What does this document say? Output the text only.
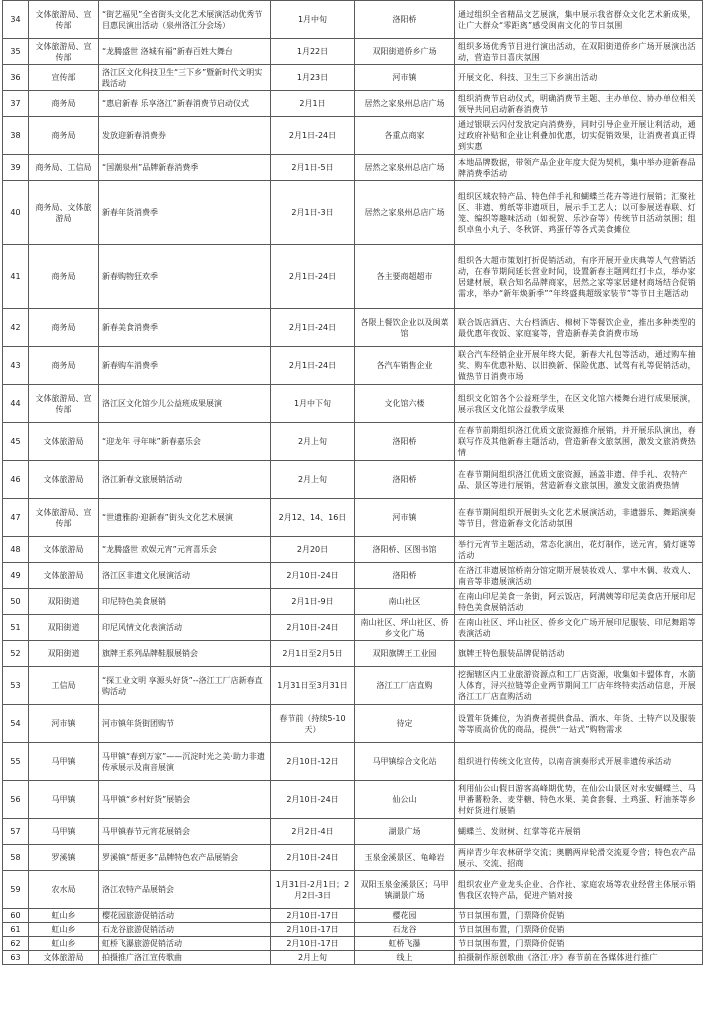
34	文体旅游局、宣传部	“街艺福见”全省街头文化艺术展演活动优秀节目惠民演出活动（泉州洛江分会场）	1月中旬	洛阳桥	通过组织全省精品文艺展演，集中展示我省群众文化艺术新成果，让广大群众“零距离”感受闽南文化的节日氛围
35	文体旅游局、宣传部	“龙腾盛世 洛城有福”新春百姓大舞台	1月22日	双阳街道侨乡广场	组织多场优秀节目进行演出活动，在双阳街道侨乡广场开展演出活动，营造节日喜庆氛围
36	宣传部	洛江区文化科技卫生“三下乡”暨新时代文明实践活动	1月23日	河市镇	开展文化、科技、卫生三下乡演出活动
37	商务局	“惠启新春 乐享洛江”新春消费节启动仪式	2月1日	居然之家泉州总店广场	组织消费节启动仪式，明确消费节主题、主办单位、协办单位相关领导共同启动新春消费节
38	商务局	发放迎新春消费券	2月1日-24日	各重点商家	通过银联云闪付发放定向消费券，同时引导企业开展让利活动，通过政府补贴和企业让利叠加优惠，切实促销效果，让消费者真正得到实惠
39	商务局、工信局	“国潮泉州”品牌新春消费季	2月1日-5日	居然之家泉州总店广场	本地品牌数据，带领产品企业年度大促为契机，集中举办迎新春品牌消费季活动
40	商务局、文体旅游局	新春年货消费季	2月1日-3日	居然之家泉州总店广场	组织区域农特产品、特色伴手礼和蝴蝶兰花卉等进行展销；汇聚社区、非遗、剪纸等非遗项目，展示手工艺人；以可参展送春联、灯笼、编织等趣味活动（如祝贺、乐沙奋等）传统节日活动氛围；组织卓鱼小丸子、冬秋饼、鸡蛋仔等各式美食摊位
41	商务局	新春购物狂欢季	2月1日-24日	各主要商超超市	组织各大超市策划打折促销活动，有序开展开业庆典等人气营销活动，在春节期间延长营业时间，设置新春主题网红打卡点，举办家居建材展，联合知名品牌商家，居然之家等家居建材商场结合促销需求，举办“新年焕新季”“年终盛典超级家装节”等节日主题活动
42	商务局	新春美食消费季	2月1日-24日	各限上餐饮企业以及闽菜馆	联合饭店酒店、大台档酒店、棉树下等餐饮企业，推出多种类型的最优惠年夜饭、家庭宴等，营造新春美食消费市场
43	商务局	新春购车消费季	2月1日-24日	各汽车销售企业	联合汽车经销企业开展年终大促，新春大礼包等活动，通过购车抽奖、购车优惠补贴、以旧换新、保险优惠、试驾有礼等促销活动，做热节日消费市场
44	文体旅游局、宣传部	洛江区文化馆少儿公益班成果展演	1月中下旬	文化馆六楼	组织文化馆各个公益班学生，在区文化馆六楼舞台进行成果展演，展示我区文化馆公益教学成果
45	文体旅游局	“迎龙年 寻年味”新春嘉乐会	2月上旬	洛阳桥	在春节前期组织洛江优质文旅资源推介展销，并开展乐队演出，春联写作及其他新春主题活动，营造新春文旅氛围，激发文旅消费热情
46	文体旅游局	洛江新春文旅展销活动	2月上旬	洛阳桥	在春节期间组织洛江优质文旅资源，涵盖非遗、伴手礼、农特产品、景区等进行展销，营造新春文旅氛围，激发文旅消费热情
47	文体旅游局、宣传部	“世遗雅韵·迎新春”街头文化艺术展演	2月12、14、16日	河市镇	在春节期间组织开展街头文化艺术展演活动，非遗器乐、舞蹈演奏等节目，营造新春文化活动氛围
48	文体旅游局	“龙腾盛世 欢娱元宵”元宵喜乐会	2月20日	洛阳桥、区图书馆	举行元宵节主题活动，常态化演出，花灯制作，送元宵，猜灯谜等活动
49	文体旅游局	洛江区非遗文化展演活动	2月10日-24日	洛阳桥	在洛江非遗展馆桥南分馆定期开展装妆戏人、掌中木偶、妆戏人、南音等非遗展演活动
50	双阳街道	印尼特色美食展销	2月1日-9日	南山社区	在南山印尼美食一条街，阿云饭店，阿满姨等印尼美食店开展印尼特色美食展销活动
51	双阳街道	印尼风情文化表演活动	2月10日-24日	南山社区、坪山社区、侨乡文化广场	在南山社区、坪山社区、侨乡文化广场开展印尼服装、印尼舞蹈等表演活动
52	双阳街道	旗牌王系列品牌鞋服展销会	2月1日至2月5日	双阳旗牌王工业园	旗牌王特色服装品牌促销活动
53	工信局	“探工业文明 享源头好货”--洛江工厂店新春直购活动	1月31日至3月31日	洛江工厂店直购	挖掘辖区内工业旅游资源点和工厂店资源，收集如卡盟体育，水箭人体育，浔兴拉链等企业两节期间工厂店年终特卖活动信息，开展洛江工厂店直购活动
54	河市镇	河市镇年货街团购节	春节前（持续5-10天）	待定	设置年货摊位，为消费者提供食品、酒水、年货、土特产以及服装等等质高价优的商品，提供“一站式”购物需求
55	马甲镇	马甲镇“春到万家”——沉淀时光之美·助力非遗传承展示及南音展演	2月10日-12日	马甲镇综合文化站	组织进行传统文化宣传，以南音演奏形式开展非遗传承活动
56	马甲镇	马甲镇“乡村好货”展销会	2月10日-24日	仙公山	利用仙公山假日游客高峰期优势，在仙公山景区对永安蝴蝶兰、马甲番薯粉条、麦芽糖、特色水果、美食套餐、土鸡蛋、籽油茶等乡村好货进行展销
57	马甲镇	马甲镇春节元宵花展销会	2月2日-4日	湖景广场	蝴蝶兰、发财树、红掌等花卉展销
58	罗溪镇	罗溪镇“帮更多”品牌特色农产品展销会	2月10日-24日	玉泉金溪景区、龟峰岩	两岸青少年农林研学交流；奥鹏两岸轮滑交流夏令营；特色农产品展示、交流、招商
59	农水局	洛江农特产品展销会	1月31日-2月1日；2月2日-3日	双阳玉泉金溪景区；马甲镇湖景广场	组织农业产业龙头企业、合作社、家庭农场等农业经营主体展示销售我区农特产品，促进产销对接
60	虹山乡	樱花园旅游促销活动	2月10日-17日	樱花园	节日氛围布置，门票降价促销
61	虹山乡	石龙谷旅游促销活动	2月10日-17日	石龙谷	节日氛围布置，门票降价促销
62	虹山乡	虹桥飞瀑旅游促销活动	2月10日-17日	虹桥飞瀑	节日氛围布置，门票降价促销
63	文体旅游局	拍摄推广洛江宣传歌曲	2月上旬	线上	拍摄制作原创歌曲《洛江·序》春节前在各媒体进行推广
